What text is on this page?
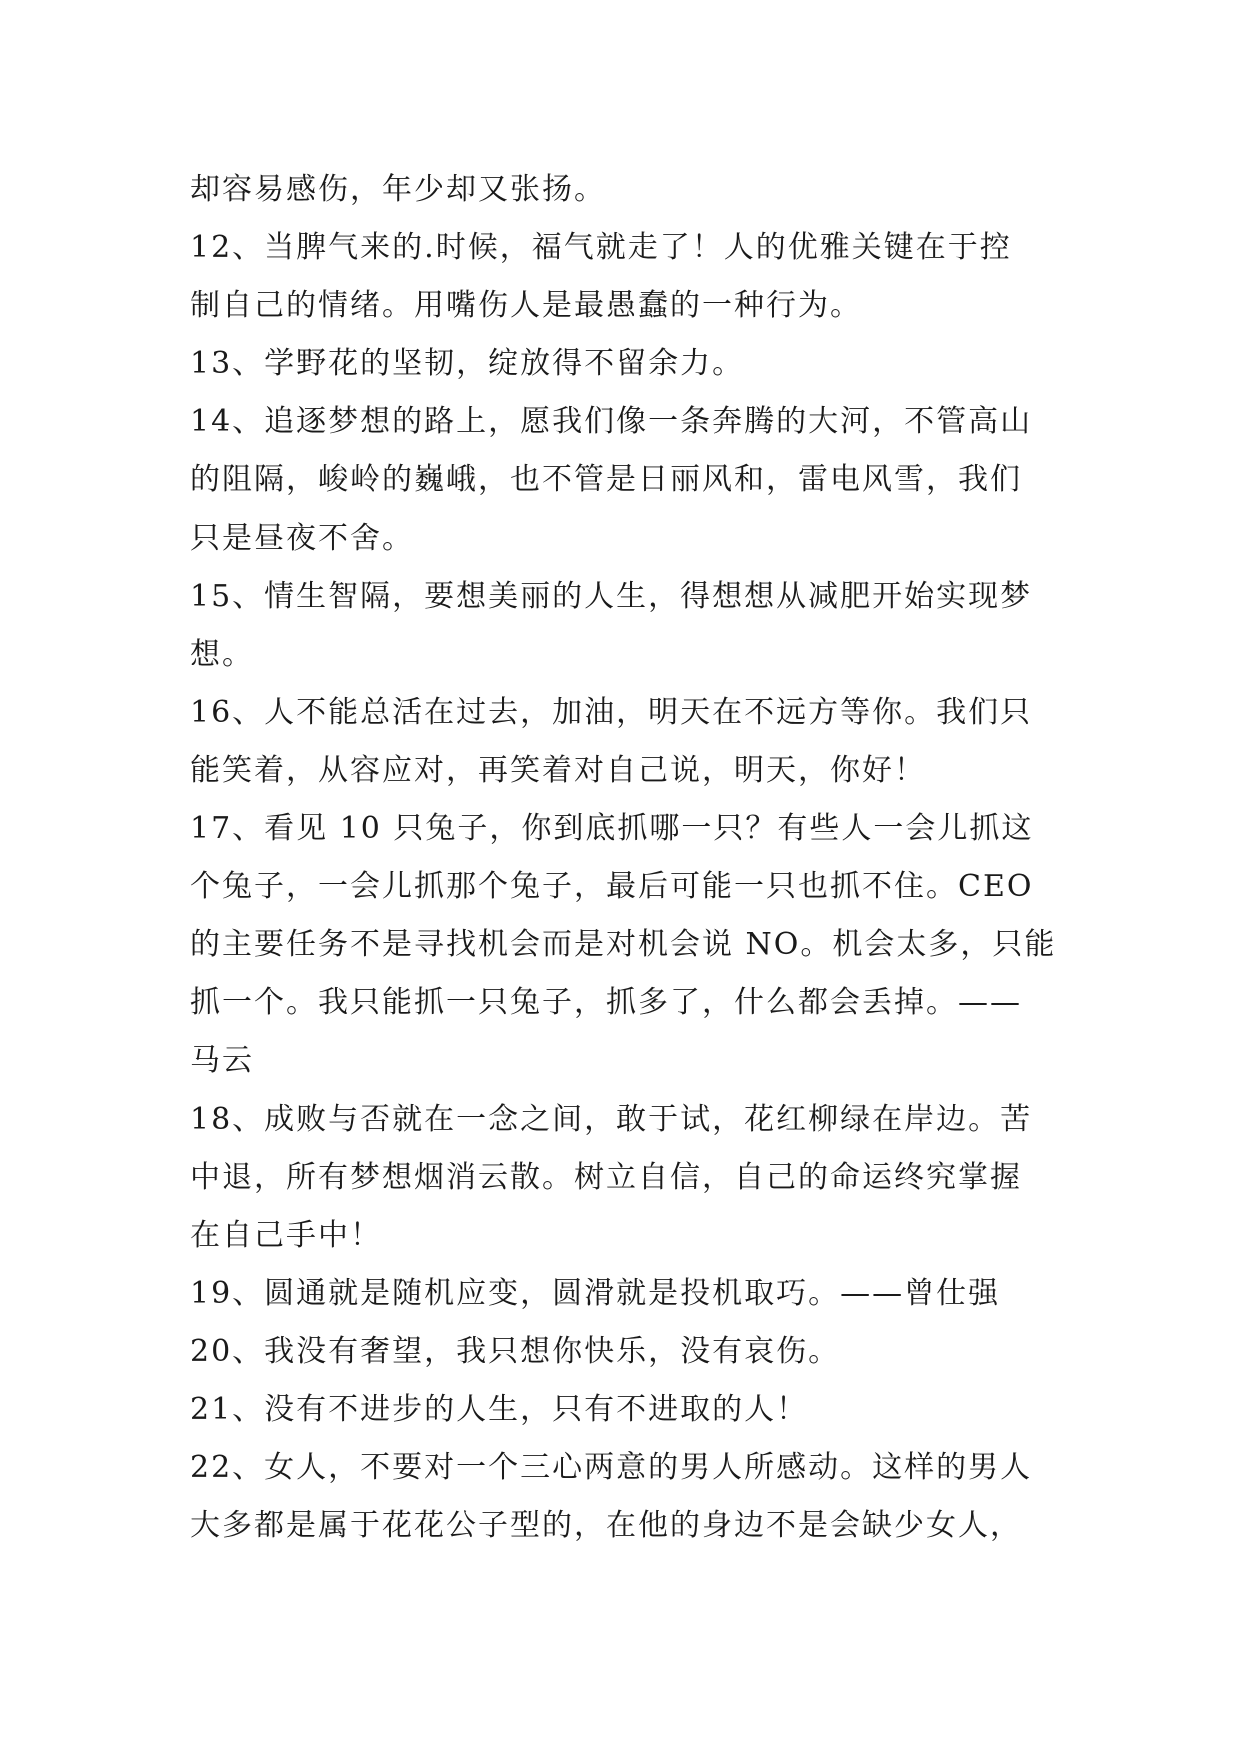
却容易感伤，年少却又张扬。
12、当脾气来的.时候，福气就走了！人的优雅关键在于控
制自己的情绪。用嘴伤人是最愚蠢的一种行为。
13、学野花的坚韧，绽放得不留余力。
14、追逐梦想的路上，愿我们像一条奔腾的大河，不管高山
的阻隔，峻岭的巍峨，也不管是日丽风和，雷电风雪，我们
只是昼夜不舍。
15、情生智隔，要想美丽的人生，得想想从减肥开始实现梦
想。
16、人不能总活在过去，加油，明天在不远方等你。我们只
能笑着，从容应对，再笑着对自己说，明天，你好！
17、看见 10 只兔子，你到底抓哪一只？有些人一会儿抓这
个兔子，一会儿抓那个兔子，最后可能一只也抓不住。CEO
的主要任务不是寻找机会而是对机会说 NO。机会太多，只能
抓一个。我只能抓一只兔子，抓多了，什么都会丢掉。——
马云
18、成败与否就在一念之间，敢于试，花红柳绿在岸边。苦
中退，所有梦想烟消云散。树立自信，自己的命运终究掌握
在自己手中！
19、圆通就是随机应变，圆滑就是投机取巧。——曾仕强
20、我没有奢望，我只想你快乐，没有哀伤。
21、没有不进步的人生，只有不进取的人！
22、女人，不要对一个三心两意的男人所感动。这样的男人
大多都是属于花花公子型的，在他的身边不是会缺少女人，
